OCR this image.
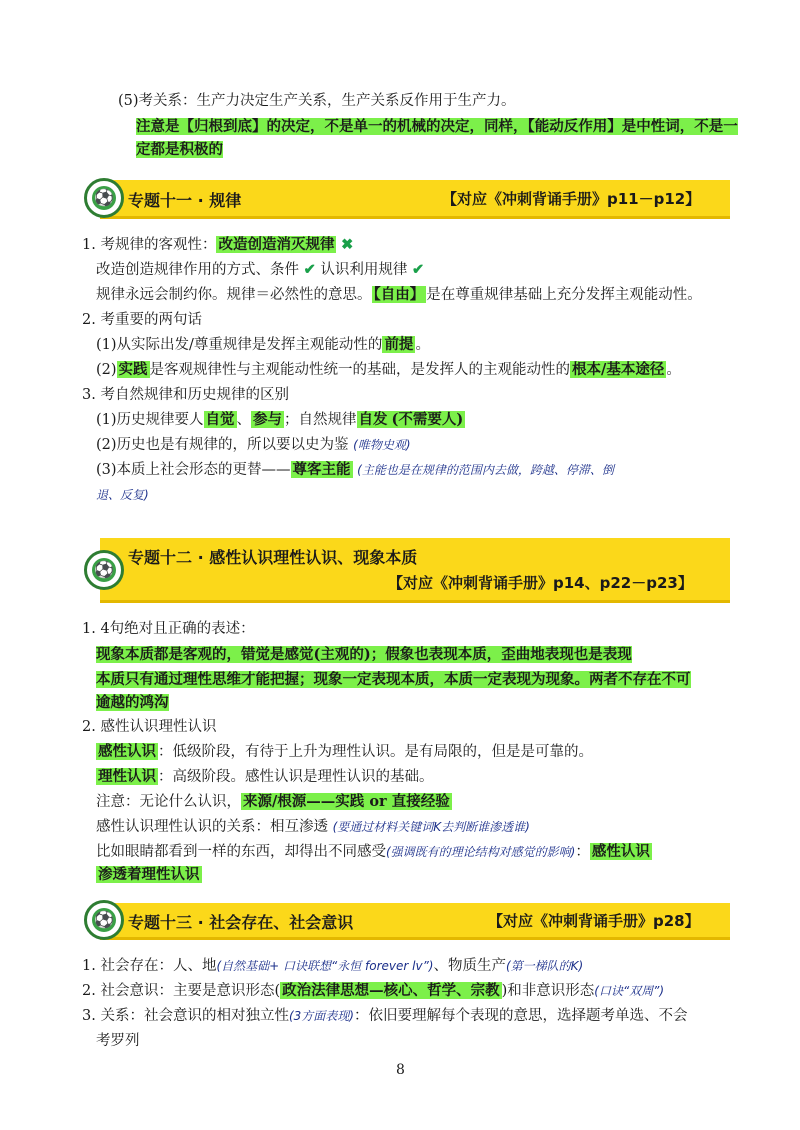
(5)考关系：生产力决定生产关系，生产关系反作用于生产力。
注意是【归根到底】的决定，不是单一的机械的决定，同样，【能动反作用】是中性词，不是一
定都是积极的
⚽ 专题十一 · 规律	【对应《冲刺背诵手册》p11－p12】
1. 考规律的客观性： 改造创造消灭规律 ✖
改造创造规律作用的方式、条件 ✔ 认识利用规律 ✔
规律永远会制约你。规律＝必然性的意思。 【自由】 是在尊重规律基础上充分发挥主观能动性。
2. 考重要的两句话
(1)从实际出发/尊重规律是发挥主观能动性的 前提 。
(2) 实践 是客观规律性与主观能动性统一的基础，是发挥人的主观能动性的 根本/基本途径 。
3. 考自然规律和历史规律的区别
(1)历史规律要人 自觉 、 参与 ；自然规律 自发 (不需要人)
(2)历史也是有规律的，所以要以史为鉴 (唯物史观)
(3)本质上社会形态的更替—— 尊客主能 (主能也是在规律的范围内去做，跨越、停滞、倒
退、反复)
⚽
专题十二 · 感性认识理性认识、现象本质
【对应《冲刺背诵手册》p14、p22－p23】
1. 4句绝对且正确的表述：
现象本质都是客观的，错觉是感觉(主观的)；假象也表现本质，歪曲地表现也是表现
本质只有通过理性思维才能把握；现象一定表现本质，本质一定表现为现象。两者不存在不可
逾越的鸿沟
2. 感性认识理性认识
感性认识 ：低级阶段，有待于上升为理性认识。是有局限的，但是是可靠的。
理性认识 ：高级阶段。感性认识是理性认识的基础。
注意：无论什么认识， 来源/根源——实践 or 直接经验
感性认识理性认识的关系：相互渗透 (要通过材料关键词K去判断谁渗透谁)
比如眼睛都看到一样的东西，却得出不同感受(强调既有的理论结构对感觉的影响)： 感性认识
渗透着理性认识
⚽ 专题十三 · 社会存在、社会意识	【对应《冲刺背诵手册》p28】
1. 社会存在：人、地(自然基础+ 口诀联想“永恒 forever lv”)、物质生产(第一梯队的K)
2. 社会意识：主要是意识形态( 政治法律思想—核心、哲学、宗教 )和非意识形态(口诀“双周”)
3. 关系：社会意识的相对独立性(3方面表现)：依旧要理解每个表现的意思，选择题考单选、不会
考罗列
8
